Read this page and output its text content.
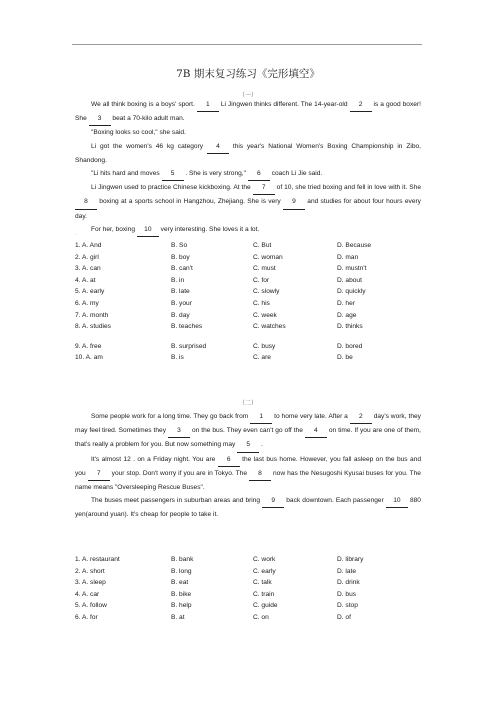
7B 期末复习练习《完形填空》
（一）

We all think boxing is a boys' sport. 1 Li Jingwen thinks different. The 14-year-old 2 is a good boxer! She 3 beat a 70-kilo adult man.

"Boxing looks so cool," she said.

Li got the women's 46 kg category 4 this year's National Women's Boxing Championship in Zibo, Shandong.

"Li hits hard and moves 5 . She is very strong," 6 coach Li Jie said.

Li Jingwen used to practice Chinese kickboxing. At the 7 of 10, she tried boxing and fell in love with it. She 8 boxing at a sports school in Hangzhou, Zhejiang. She is very 9 and studies for about four hours every day.

For her, boxing 10 very interesting. She loves it a lot.

·
1. A. And	B. So	C. But	D. Because
2. A. girl	B. boy	C. woman	D. man
3. A. can	B. can't	C. must	D. mustn't
4. A. at	B. in	C. for	D. about
5. A. early	B. late	C. slowly	D. quickly
6. A. my	B. your	C. his	D. her
7. A. month	B. day	C. week	D. age
8. A. studies	B. teaches	C. watches	D. thinks
9. A. free	B. surprised	C. busy	D. bored
10. A. am	B. is	C. are	D. be
（二）

Some people work for a long time. They go back from 1 to home very late. After a 2 day's work, they may feel tired. Sometimes they 3 on the bus. They even can't go off the 4 on time. If you are one of them, that's really a problem for you. But now something may 5 .

It's almost 12 . on a Friday night. You are 6 the last bus home. However, you fall asleep on the bus and you 7 your stop. Don't worry if you are in Tokyo. The 8 now has the Nesugoshi Kyusai buses for you. The name means "Oversleeping Rescue Buses".

The buses meet passengers in suburban areas and bring 9 back downtown. Each passenger 10 880 yen(around yuan). It's cheap for people to take it.

1. A. restaurant	B. bank	C. work	D. library
2. A. short	B. long	C. early	D. late
3. A. sleep	B. eat	C. talk	D. drink
4. A. car	B. bike	C. train	D. bus
5. A. follow	B. help	C. guide	D. stop
6. A. for	B. at	C. on	D. of
